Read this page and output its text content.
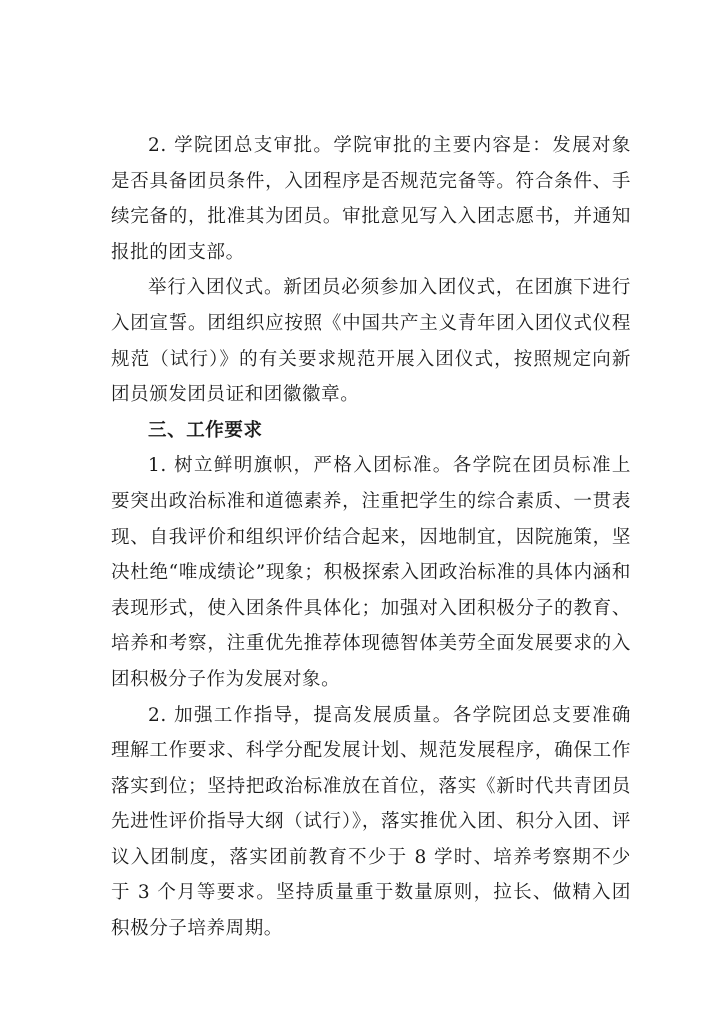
2. 学院团总支审批。学院审批的主要内容是：发展对象是否具备团员条件，入团程序是否规范完备等。符合条件、手续完备的，批准其为团员。审批意见写入入团志愿书，并通知报批的团支部。

举行入团仪式。新团员必须参加入团仪式，在团旗下进行入团宣誓。团组织应按照《中国共产主义青年团入团仪式仪程规范（试行）》的有关要求规范开展入团仪式，按照规定向新团员颁发团员证和团徽徽章。

三、工作要求

1. 树立鲜明旗帜，严格入团标准。各学院在团员标准上要突出政治标准和道德素养，注重把学生的综合素质、一贯表现、自我评价和组织评价结合起来，因地制宜，因院施策，坚决杜绝“唯成绩论”现象；积极探索入团政治标准的具体内涵和表现形式，使入团条件具体化；加强对入团积极分子的教育、培养和考察，注重优先推荐体现德智体美劳全面发展要求的入团积极分子作为发展对象。

2. 加强工作指导，提高发展质量。各学院团总支要准确理解工作要求、科学分配发展计划、规范发展程序，确保工作落实到位；坚持把政治标准放在首位，落实《新时代共青团员先进性评价指导大纲（试行）》，落实推优入团、积分入团、评议入团制度，落实团前教育不少于 8 学时、培养考察期不少于 3 个月等要求。坚持质量重于数量原则，拉长、做精入团积极分子培养周期。
